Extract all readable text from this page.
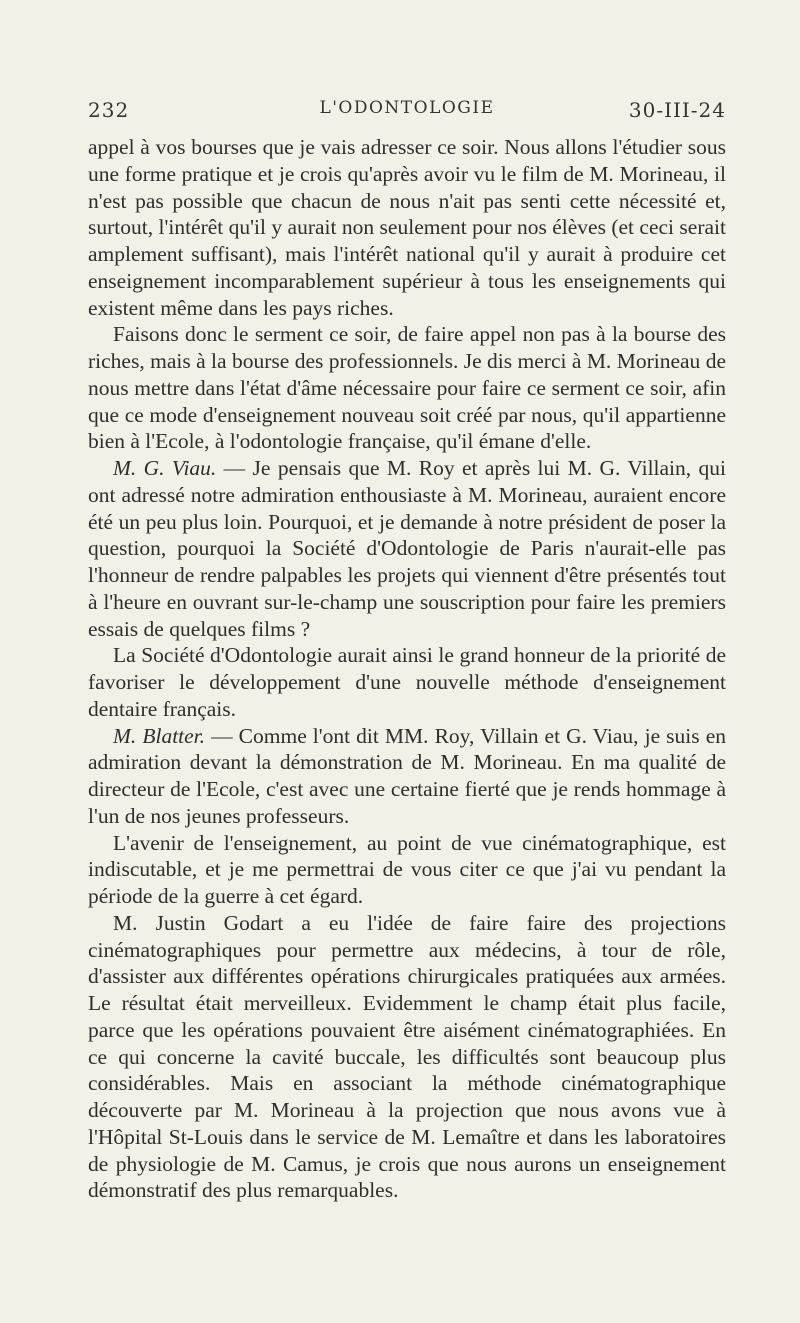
232	L'ODONTOLOGIE	30-III-24

appel à vos bourses que je vais adresser ce soir. Nous allons l'étudier sous une forme pratique et je crois qu'après avoir vu le film de M. Morineau, il n'est pas possible que chacun de nous n'ait pas senti cette nécessité et, surtout, l'intérêt qu'il y aurait non seulement pour nos élèves (et ceci serait amplement suffisant), mais l'intérêt national qu'il y aurait à produire cet enseignement incomparablement supérieur à tous les enseignements qui existent même dans les pays riches.

Faisons donc le serment ce soir, de faire appel non pas à la bourse des riches, mais à la bourse des professionnels. Je dis merci à M. Morineau de nous mettre dans l'état d'âme nécessaire pour faire ce serment ce soir, afin que ce mode d'enseignement nouveau soit créé par nous, qu'il appartienne bien à l'Ecole, à l'odontologie française, qu'il émane d'elle.

M. G. Viau. — Je pensais que M. Roy et après lui M. G. Villain, qui ont adressé notre admiration enthousiaste à M. Morineau, auraient encore été un peu plus loin. Pourquoi, et je demande à notre président de poser la question, pourquoi la Société d'Odontologie de Paris n'aurait-elle pas l'honneur de rendre palpables les projets qui viennent d'être présentés tout à l'heure en ouvrant sur-le-champ une souscription pour faire les premiers essais de quelques films ?

La Société d'Odontologie aurait ainsi le grand honneur de la priorité de favoriser le développement d'une nouvelle méthode d'enseignement dentaire français.

M. Blatter. — Comme l'ont dit MM. Roy, Villain et G. Viau, je suis en admiration devant la démonstration de M. Morineau. En ma qualité de directeur de l'Ecole, c'est avec une certaine fierté que je rends hommage à l'un de nos jeunes professeurs.

L'avenir de l'enseignement, au point de vue cinématographique, est indiscutable, et je me permettrai de vous citer ce que j'ai vu pendant la période de la guerre à cet égard.

M. Justin Godart a eu l'idée de faire faire des projections cinématographiques pour permettre aux médecins, à tour de rôle, d'assister aux différentes opérations chirurgicales pratiquées aux armées. Le résultat était merveilleux. Evidemment le champ était plus facile, parce que les opérations pouvaient être aisément cinématographiées. En ce qui concerne la cavité buccale, les difficultés sont beaucoup plus considérables. Mais en associant la méthode cinématographique découverte par M. Morineau à la projection que nous avons vue à l'Hôpital St-Louis dans le service de M. Lemaître et dans les laboratoires de physiologie de M. Camus, je crois que nous aurons un enseignement démonstratif des plus remarquables.
